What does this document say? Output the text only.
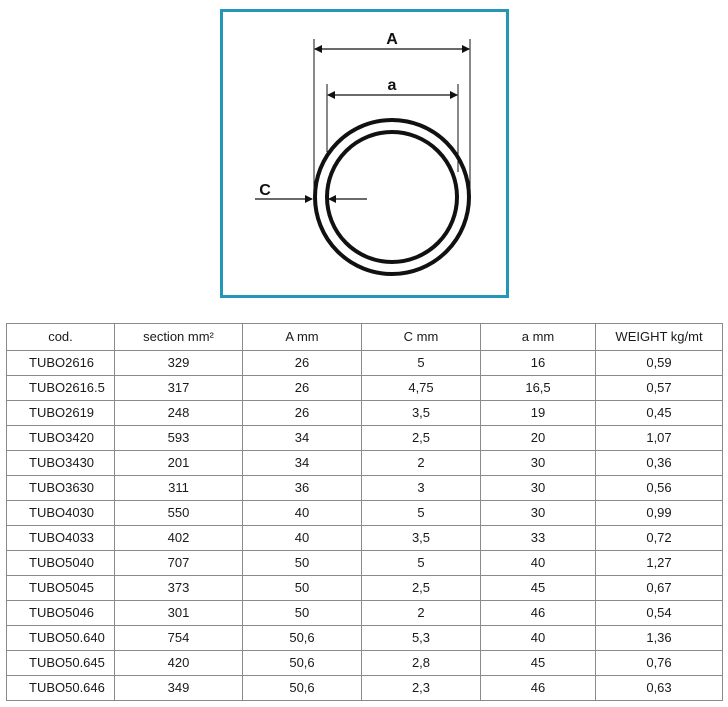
A
a
C
cod.	section mm²	A mm	C mm	a mm	WEIGHT kg/mt
TUBO2616	329	26	5	16	0,59
TUBO2616.5	317	26	4,75	16,5	0,57
TUBO2619	248	26	3,5	19	0,45
TUBO3420	593	34	2,5	20	1,07
TUBO3430	201	34	2	30	0,36
TUBO3630	311	36	3	30	0,56
TUBO4030	550	40	5	30	0,99
TUBO4033	402	40	3,5	33	0,72
TUBO5040	707	50	5	40	1,27
TUBO5045	373	50	2,5	45	0,67
TUBO5046	301	50	2	46	0,54
TUBO50.640	754	50,6	5,3	40	1,36
TUBO50.645	420	50,6	2,8	45	0,76
TUBO50.646	349	50,6	2,3	46	0,63
